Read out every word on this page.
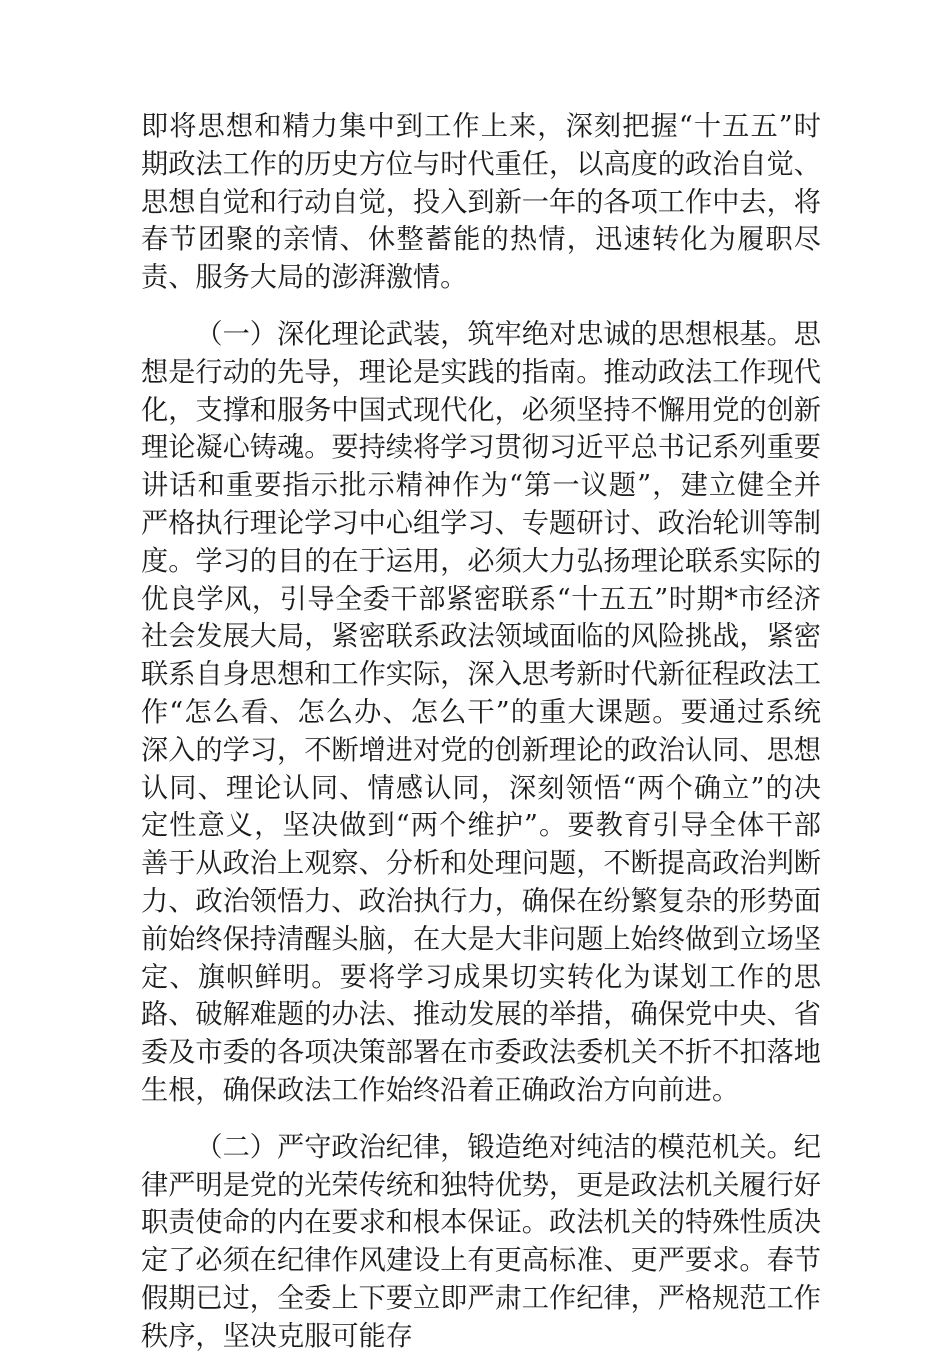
即将思想和精力集中到工作上来，深刻把握“十五五”时期政法工作的历史方位与时代重任，以高度的政治自觉、思想自觉和行动自觉，投入到新一年的各项工作中去，将春节团聚的亲情、休整蓄能的热情，迅速转化为履职尽责、服务大局的澎湃激情。

（一）深化理论武装，筑牢绝对忠诚的思想根基。思想是行动的先导，理论是实践的指南。推动政法工作现代化，支撑和服务中国式现代化，必须坚持不懈用党的创新理论凝心铸魂。要持续将学习贯彻习近平总书记系列重要讲话和重要指示批示精神作为“第一议题”，建立健全并严格执行理论学习中心组学习、专题研讨、政治轮训等制度。学习的目的在于运用，必须大力弘扬理论联系实际的优良学风，引导全委干部紧密联系“十五五”时期*市经济社会发展大局，紧密联系政法领域面临的风险挑战，紧密联系自身思想和工作实际，深入思考新时代新征程政法工作“怎么看、怎么办、怎么干”的重大课题。要通过系统深入的学习，不断增进对党的创新理论的政治认同、思想认同、理论认同、情感认同，深刻领悟“两个确立”的决定性意义，坚决做到“两个维护”。要教育引导全体干部善于从政治上观察、分析和处理问题，不断提高政治判断力、政治领悟力、政治执行力，确保在纷繁复杂的形势面前始终保持清醒头脑，在大是大非问题上始终做到立场坚定、旗帜鲜明。要将学习成果切实转化为谋划工作的思路、破解难题的办法、推动发展的举措，确保党中央、省委及市委的各项决策部署在市委政法委机关不折不扣落地生根，确保政法工作始终沿着正确政治方向前进。

（二）严守政治纪律，锻造绝对纯洁的模范机关。纪律严明是党的光荣传统和独特优势，更是政法机关履行好职责使命的内在要求和根本保证。政法机关的特殊性质决定了必须在纪律作风建设上有更高标准、更严要求。春节假期已过，全委上下要立即严肃工作纪律，严格规范工作秩序，坚决克服可能存
